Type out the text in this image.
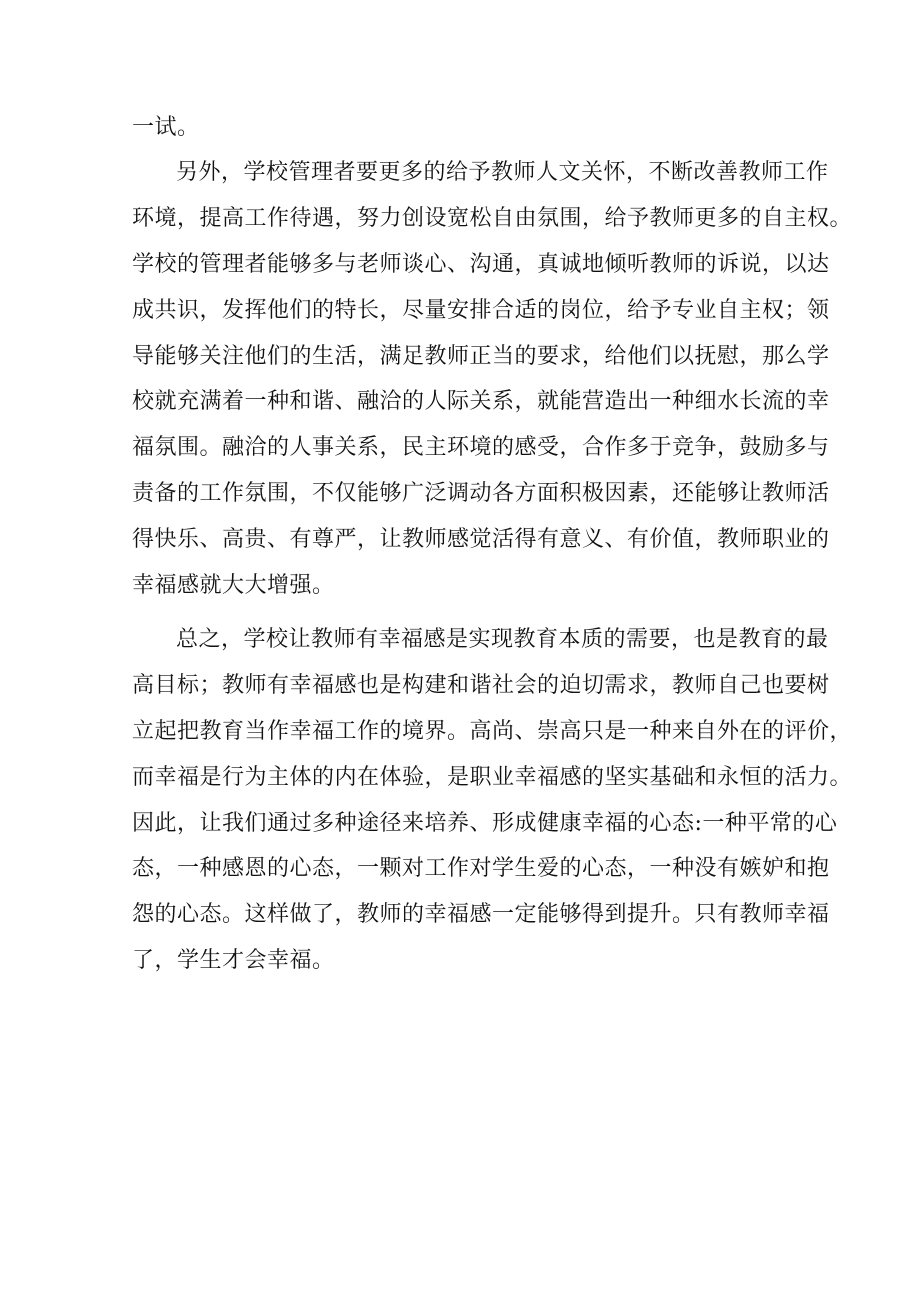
一试。
另外，学校管理者要更多的给予教师人文关怀，不断改善教师工作
环境，提高工作待遇，努力创设宽松自由氛围，给予教师更多的自主权。
学校的管理者能够多与老师谈心、沟通，真诚地倾听教师的诉说，以达
成共识，发挥他们的特长，尽量安排合适的岗位，给予专业自主权；领
导能够关注他们的生活，满足教师正当的要求，给他们以抚慰，那么学
校就充满着一种和谐、融洽的人际关系，就能营造出一种细水长流的幸
福氛围。融洽的人事关系，民主环境的感受，合作多于竞争，鼓励多与
责备的工作氛围，不仅能够广泛调动各方面积极因素，还能够让教师活
得快乐、高贵、有尊严，让教师感觉活得有意义、有价值，教师职业的
幸福感就大大增强。
总之，学校让教师有幸福感是实现教育本质的需要，也是教育的最
高目标；教师有幸福感也是构建和谐社会的迫切需求，教师自己也要树
立起把教育当作幸福工作的境界。高尚、崇高只是一种来自外在的评价，
而幸福是行为主体的内在体验，是职业幸福感的坚实基础和永恒的活力。
因此，让我们通过多种途径来培养、形成健康幸福的心态:一种平常的心
态，一种感恩的心态，一颗对工作对学生爱的心态，一种没有嫉妒和抱
怨的心态。这样做了，教师的幸福感一定能够得到提升。只有教师幸福
了，学生才会幸福。
